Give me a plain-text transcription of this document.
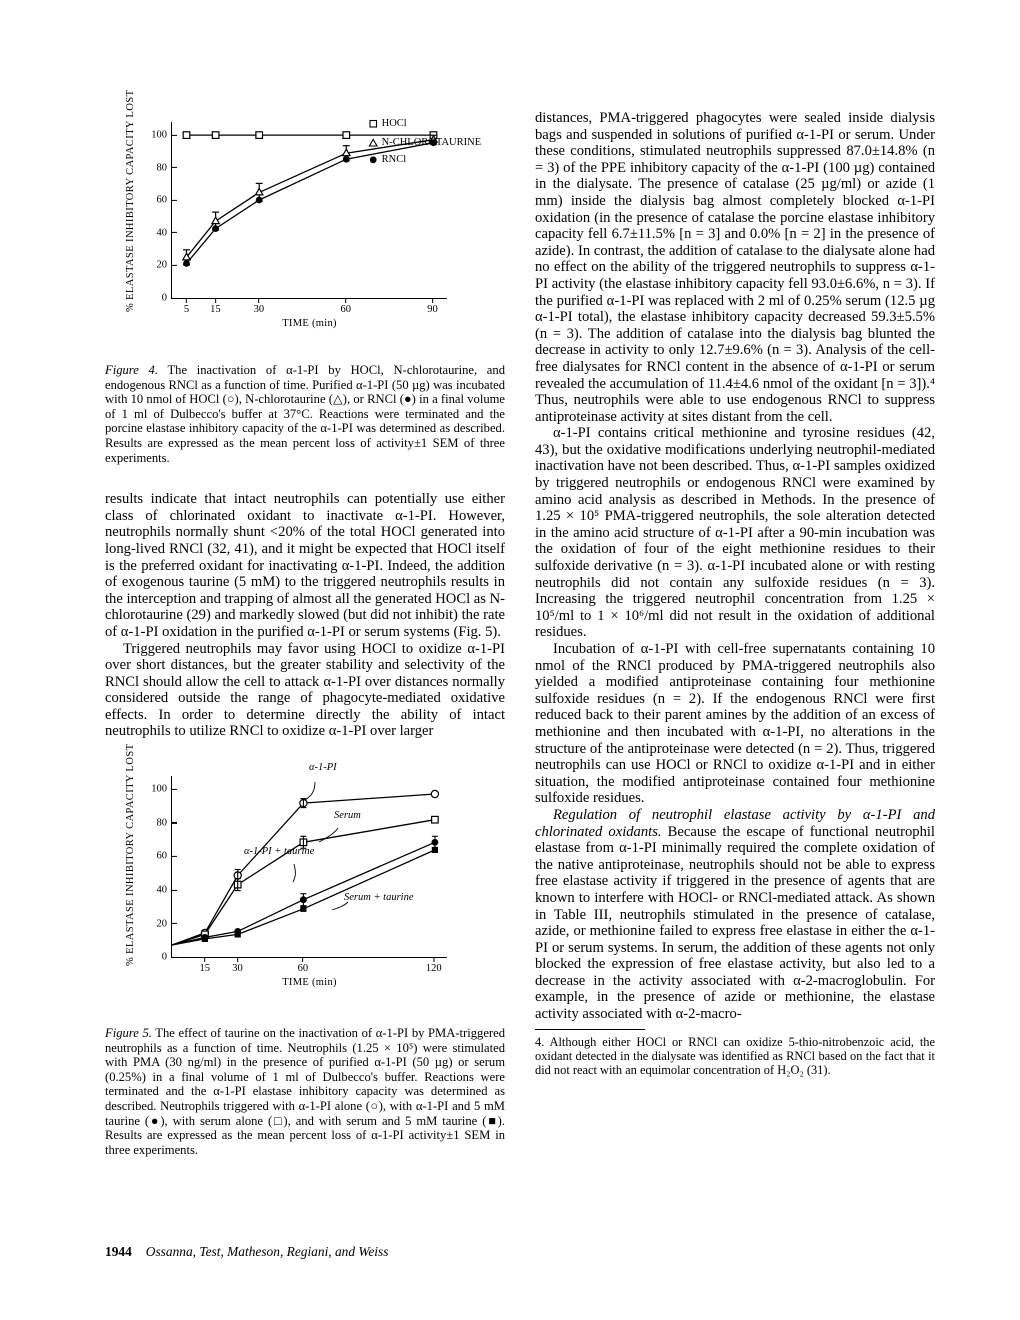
% ELASTASE INHIBITORY CAPACITY LOST 0
20
40
60
80
100
5 15	30	60	90
TIME (min)
HOCl
N-CHLOROTAURINE
RNCl
Figure 4. The inactivation of α-1-PI by HOCl, N-chlorotaurine, and endogenous RNCl as a function of time. Purified α-1-PI (50 µg) was incubated with 10 nmol of HOCl (○), N-chlorotaurine (△), or RNCl (●) in a final volume of 1 ml of Dulbecco's buffer at 37°C. Reactions were terminated and the porcine elastase inhibitory capacity of the α-1-PI was determined as described. Results are expressed as the mean percent loss of activity±1 SEM of three experiments.

results indicate that intact neutrophils can potentially use either class of chlorinated oxidant to inactivate α-1-PI. However, neutrophils normally shunt <20% of the total HOCl generated into long-lived RNCl (32, 41), and it might be expected that HOCl itself is the preferred oxidant for inactivating α-1-PI. Indeed, the addition of exogenous taurine (5 mM) to the triggered neutrophils results in the interception and trapping of almost all the generated HOCl as N-chlorotaurine (29) and markedly slowed (but did not inhibit) the rate of α-1-PI oxidation in the purified α-1-PI or serum systems (Fig. 5).

Triggered neutrophils may favor using HOCl to oxidize α-1-PI over short distances, but the greater stability and selectivity of the RNCl should allow the cell to attack α-1-PI over distances normally considered outside the range of phagocyte-mediated oxidative effects. In order to determine directly the ability of intact neutrophils to utilize RNCl to oxidize α-1-PI over larger

% ELASTASE INHIBITORY CAPACITY LOST 0
20
40
60
80
100
15 30	60	120
TIME (min)
α-1-PI
Serum
α-1-PI + taurine
Serum + taurine
Figure 5. The effect of taurine on the inactivation of α-1-PI by PMA-triggered neutrophils as a function of time. Neutrophils (1.25 × 10⁵) were stimulated with PMA (30 ng/ml) in the presence of purified α-1-PI (50 µg) or serum (0.25%) in a final volume of 1 ml of Dulbecco's buffer. Reactions were terminated and the α-1-PI elastase inhibitory capacity was determined as described. Neutrophils triggered with α-1-PI alone (○), with α-1-PI and 5 mM taurine (●), with serum alone (□), and with serum and 5 mM taurine (■). Results are expressed as the mean percent loss of α-1-PI activity±1 SEM in three experiments.

distances, PMA-triggered phagocytes were sealed inside dialysis bags and suspended in solutions of purified α-1-PI or serum. Under these conditions, stimulated neutrophils suppressed 87.0±14.8% (n = 3) of the PPE inhibitory capacity of the α-1-PI (100 µg) contained in the dialysate. The presence of catalase (25 µg/ml) or azide (1 mm) inside the dialysis bag almost completely blocked α-1-PI oxidation (in the presence of catalase the porcine elastase inhibitory capacity fell 6.7±11.5% [n = 3] and 0.0% [n = 2] in the presence of azide). In contrast, the addition of catalase to the dialysate alone had no effect on the ability of the triggered neutrophils to suppress α-1-PI activity (the elastase inhibitory capacity fell 93.0±6.6%, n = 3). If the purified α-1-PI was replaced with 2 ml of 0.25% serum (12.5 µg α-1-PI total), the elastase inhibitory capacity decreased 59.3±5.5% (n = 3). The addition of catalase into the dialysis bag blunted the decrease in activity to only 12.7±9.6% (n = 3). Analysis of the cell-free dialysates for RNCl content in the absence of α-1-PI or serum revealed the accumulation of 11.4±4.6 nmol of the oxidant [n = 3]).⁴ Thus, neutrophils were able to use endogenous RNCl to suppress antiproteinase activity at sites distant from the cell.

α-1-PI contains critical methionine and tyrosine residues (42, 43), but the oxidative modifications underlying neutrophil-mediated inactivation have not been described. Thus, α-1-PI samples oxidized by triggered neutrophils or endogenous RNCl were examined by amino acid analysis as described in Methods. In the presence of 1.25 × 10⁵ PMA-triggered neutrophils, the sole alteration detected in the amino acid structure of α-1-PI after a 90-min incubation was the oxidation of four of the eight methionine residues to their sulfoxide derivative (n = 3). α-1-PI incubated alone or with resting neutrophils did not contain any sulfoxide residues (n = 3). Increasing the triggered neutrophil concentration from 1.25 × 10⁵/ml to 1 × 10⁶/ml did not result in the oxidation of additional residues.

Incubation of α-1-PI with cell-free supernatants containing 10 nmol of the RNCl produced by PMA-triggered neutrophils also yielded a modified antiproteinase containing four methionine sulfoxide residues (n = 2). If the endogenous RNCl were first reduced back to their parent amines by the addition of an excess of methionine and then incubated with α-1-PI, no alterations in the structure of the antiproteinase were detected (n = 2). Thus, triggered neutrophils can use HOCl or RNCl to oxidize α-1-PI and in either situation, the modified antiproteinase contained four methionine sulfoxide residues.

Regulation of neutrophil elastase activity by α-1-PI and chlorinated oxidants. Because the escape of functional neutrophil elastase from α-1-PI minimally required the complete oxidation of the native antiproteinase, neutrophils should not be able to express free elastase activity if triggered in the presence of agents that are known to interfere with HOCl- or RNCl-mediated attack. As shown in Table III, neutrophils stimulated in the presence of catalase, azide, or methionine failed to express free elastase in either the α-1-PI or serum systems. In serum, the addition of these agents not only blocked the expression of free elastase activity, but also led to a decrease in the activity associated with α-2-macroglobulin. For example, in the presence of azide or methionine, the elastase activity associated with α-2-macro-

4. Although either HOCl or RNCl can oxidize 5-thio-nitrobenzoic acid, the oxidant detected in the dialysate was identified as RNCl based on the fact that it did not react with an equimolar concentration of H₂O₂ (31).
1944 Ossanna, Test, Matheson, Regiani, and Weiss
